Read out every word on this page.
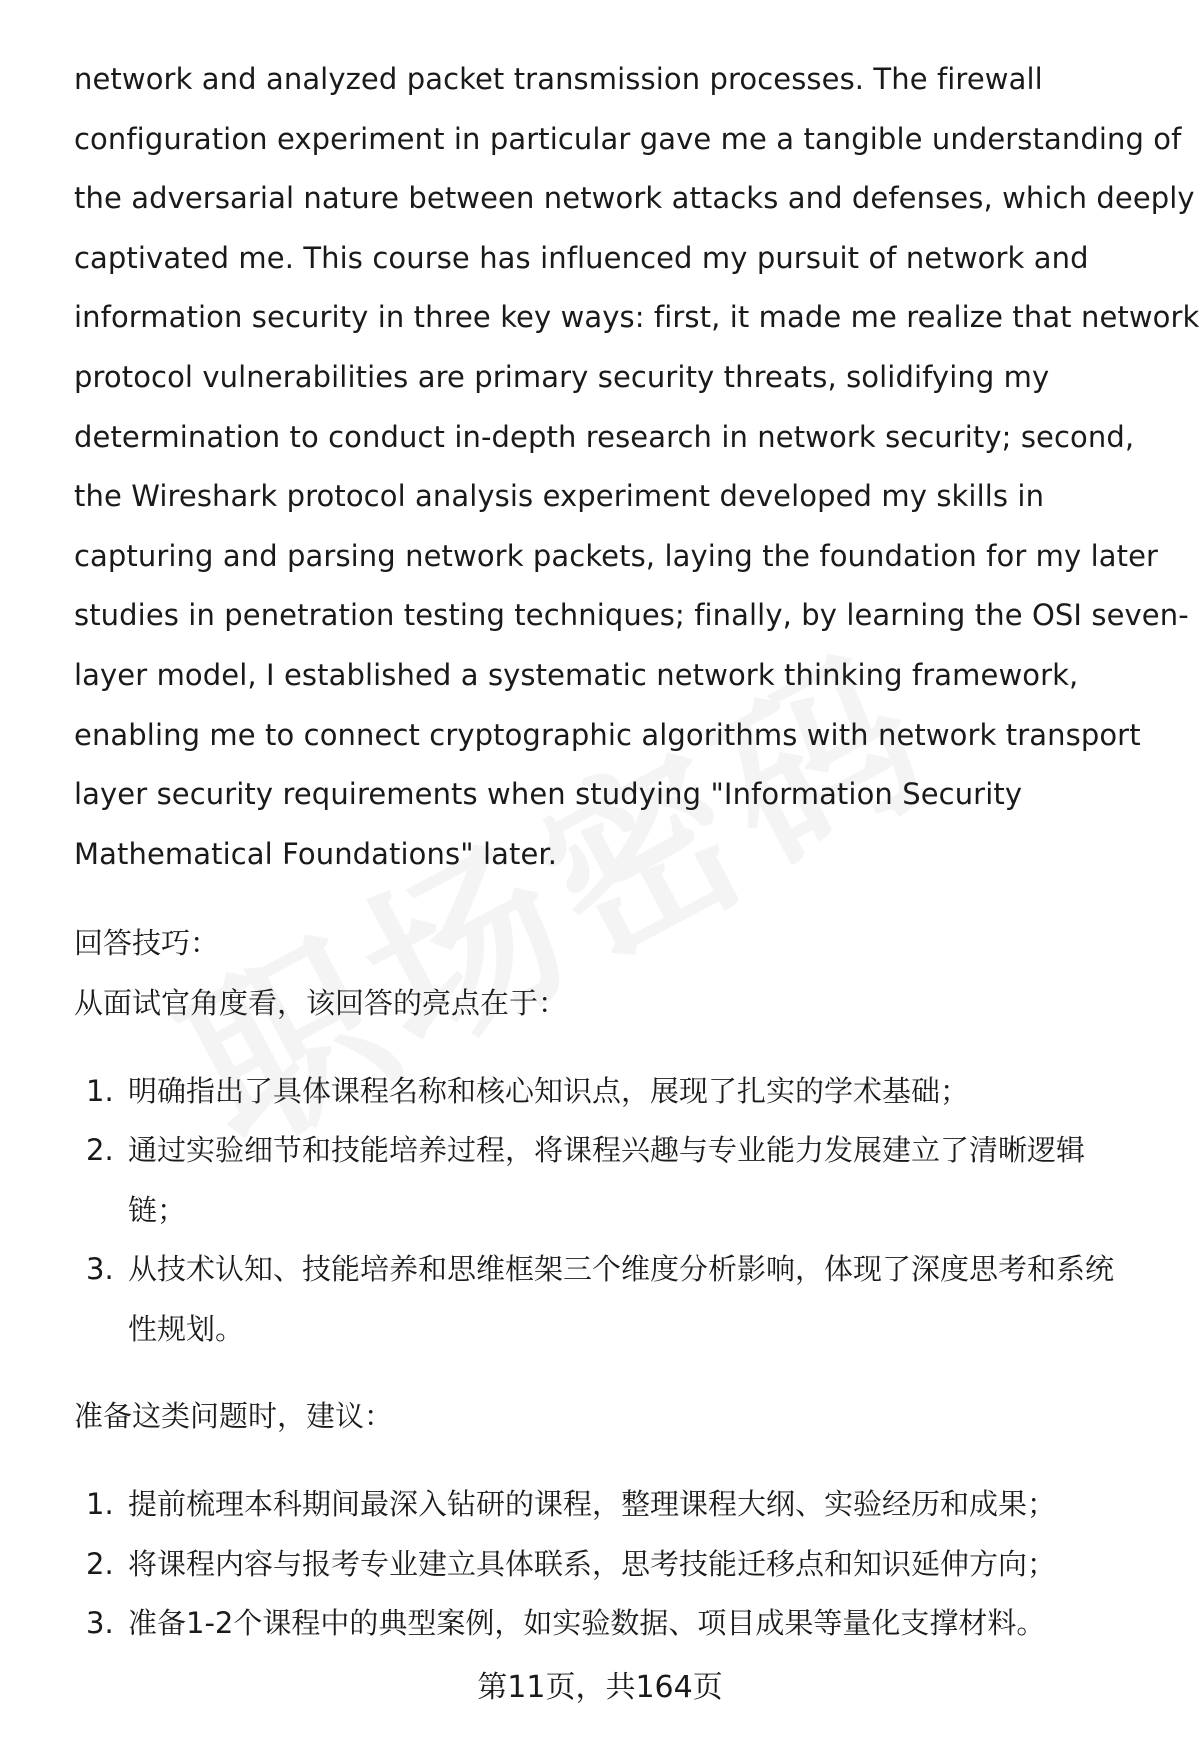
network and analyzed packet transmission processes. The firewall
configuration experiment in particular gave me a tangible understanding of
the adversarial nature between network attacks and defenses, which deeply
captivated me. This course has influenced my pursuit of network and
information security in three key ways: first, it made me realize that network
protocol vulnerabilities are primary security threats, solidifying my
determination to conduct in-depth research in network security; second,
the Wireshark protocol analysis experiment developed my skills in
capturing and parsing network packets, laying the foundation for my later
studies in penetration testing techniques; finally, by learning the OSI seven-
layer model, I established a systematic network thinking framework,
enabling me to connect cryptographic algorithms with network transport
layer security requirements when studying "Information Security
Mathematical Foundations" later.

回答技巧：

从面试官角度看，该回答的亮点在于：

1. 明确指出了具体课程名称和核心知识点，展现了扎实的学术基础；
2. 通过实验细节和技能培养过程，将课程兴趣与专业能力发展建立了清晰逻辑
链；
3. 从技术认知、技能培养和思维框架三个维度分析影响，体现了深度思考和系统
性规划。

准备这类问题时，建议：

1. 提前梳理本科期间最深入钻研的课程，整理课程大纲、实验经历和成果；
2. 将课程内容与报考专业建立具体联系，思考技能迁移点和知识延伸方向；
3. 准备1-2个课程中的典型案例，如实验数据、项目成果等量化支撑材料。
第11页，共164页
